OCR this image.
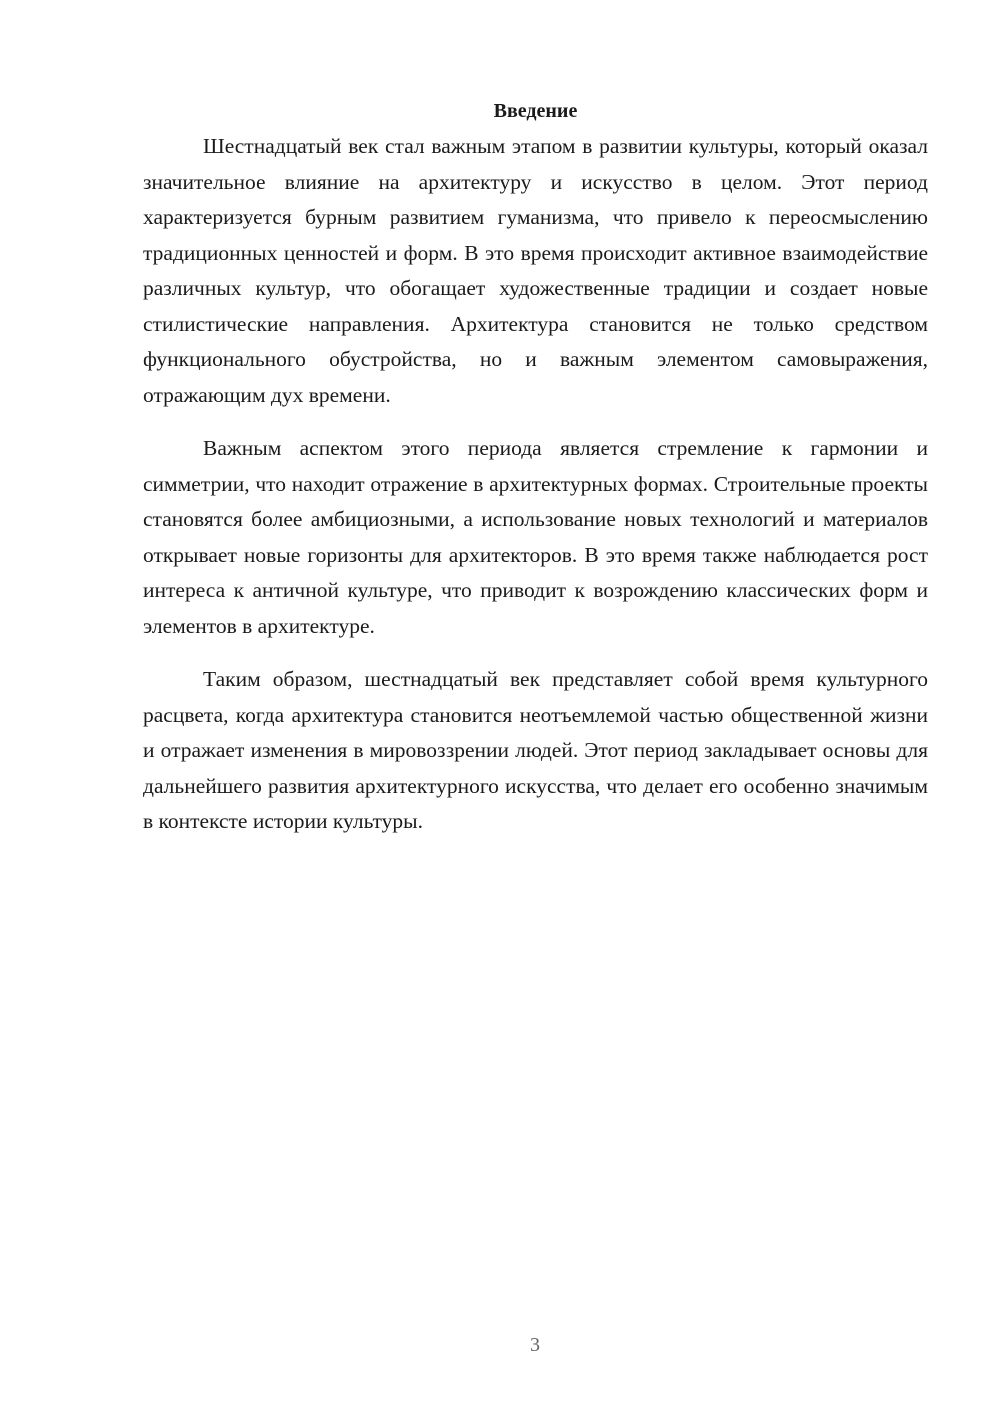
Введение

Шестнадцатый век стал важным этапом в развитии культуры, который оказал значительное влияние на архитектуру и искусство в целом. Этот период характеризуется бурным развитием гуманизма, что привело к переосмыслению традиционных ценностей и форм. В это время происходит активное взаимодействие различных культур, что обогащает художественные традиции и создает новые стилистические направления. Архитектура становится не только средством функционального обустройства, но и важным элементом самовыражения, отражающим дух времени.

Важным аспектом этого периода является стремление к гармонии и симметрии, что находит отражение в архитектурных формах. Строительные проекты становятся более амбициозными, а использование новых технологий и материалов открывает новые горизонты для архитекторов. В это время также наблюдается рост интереса к античной культуре, что приводит к возрождению классических форм и элементов в архитектуре.

Таким образом, шестнадцатый век представляет собой время культурного расцвета, когда архитектура становится неотъемлемой частью общественной жизни и отражает изменения в мировоззрении людей. Этот период закладывает основы для дальнейшего развития архитектурного искусства, что делает его особенно значимым в контексте истории культуры.

3
